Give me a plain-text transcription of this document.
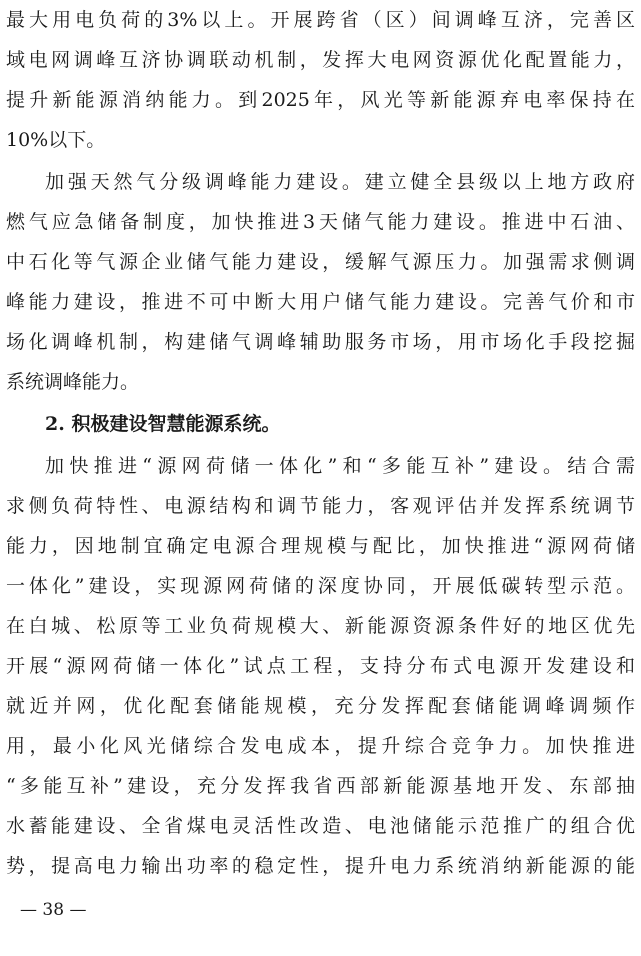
最大用电负荷的3%以上。开展跨省（区）间调峰互济，完善区
域电网调峰互济协调联动机制，发挥大电网资源优化配置能力，
提升新能源消纳能力。到2025年，风光等新能源弃电率保持在
10%以下。
加强天然气分级调峰能力建设。建立健全县级以上地方政府
燃气应急储备制度，加快推进3天储气能力建设。推进中石油、
中石化等气源企业储气能力建设，缓解气源压力。加强需求侧调
峰能力建设，推进不可中断大用户储气能力建设。完善气价和市
场化调峰机制，构建储气调峰辅助服务市场，用市场化手段挖掘
系统调峰能力。
2. 积极建设智慧能源系统。
加快推进“源网荷储一体化”和“多能互补”建设。结合需
求侧负荷特性、电源结构和调节能力，客观评估并发挥系统调节
能力，因地制宜确定电源合理规模与配比，加快推进“源网荷储
一体化”建设，实现源网荷储的深度协同，开展低碳转型示范。
在白城、松原等工业负荷规模大、新能源资源条件好的地区优先
开展“源网荷储一体化”试点工程，支持分布式电源开发建设和
就近并网，优化配套储能规模，充分发挥配套储能调峰调频作
用，最小化风光储综合发电成本，提升综合竞争力。加快推进
“多能互补”建设，充分发挥我省西部新能源基地开发、东部抽
水蓄能建设、全省煤电灵活性改造、电池储能示范推广的组合优
势，提高电力输出功率的稳定性，提升电力系统消纳新能源的能
— 38 —
